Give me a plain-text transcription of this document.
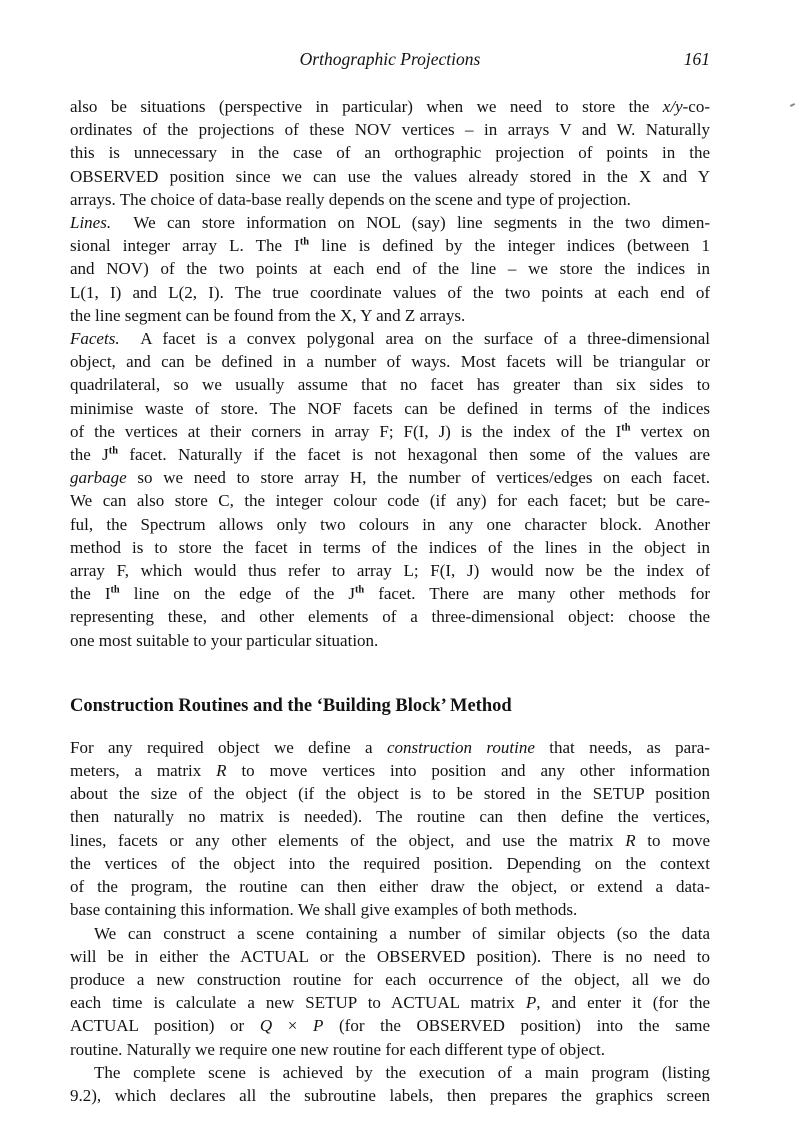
Orthographic Projections	161

also be situations (perspective in particular) when we need to store the x/y-co-
ordinates of the projections of these NOV vertices – in arrays V and W. Naturally
this is unnecessary in the case of an orthographic projection of points in the
OBSERVED position since we can use the values already stored in the X and Y
arrays. The choice of data-base really depends on the scene and type of projection.

Lines.  We can store information on NOL (say) line segments in the two dimen-
sional integer array L. The Ith line is defined by the integer indices (between 1
and NOV) of the two points at each end of the line – we store the indices in
L(1, I) and L(2, I). The true coordinate values of the two points at each end of
the line segment can be found from the X, Y and Z arrays.

Facets.  A facet is a convex polygonal area on the surface of a three-dimensional
object, and can be defined in a number of ways. Most facets will be triangular or
quadrilateral, so we usually assume that no facet has greater than six sides to
minimise waste of store. The NOF facets can be defined in terms of the indices
of the vertices at their corners in array F; F(I, J) is the index of the Ith vertex on
the $J^{th}$ facet. Naturally if the facet is not hexagonal then some of the values are
garbage so we need to store array H, the number of vertices/edges on each facet.
We can also store C, the integer colour code (if any) for each facet; but be care-
ful, the Spectrum allows only two colours in any one character block. Another
method is to store the facet in terms of the indices of the lines in the object in
array F, which would thus refer to array L; F(I, J) would now be the index of
the Ith line on the edge of the $J^{th}$ facet. There are many other methods for
representing these, and other elements of a three-dimensional object: choose the
one most suitable to your particular situation.

Construction Routines and the ‘Building Block’ Method

For any required object we define a construction routine that needs, as para-
meters, a matrix R to move vertices into position and any other information
about the size of the object (if the object is to be stored in the SETUP position
then naturally no matrix is needed). The routine can then define the vertices,
lines, facets or any other elements of the object, and use the matrix R to move
the vertices of the object into the required position. Depending on the context
of the program, the routine can then either draw the object, or extend a data-
base containing this information. We shall give examples of both methods.

We can construct a scene containing a number of similar objects (so the data
will be in either the ACTUAL or the OBSERVED position). There is no need to
produce a new construction routine for each occurrence of the object, all we do
each time is calculate a new SETUP to ACTUAL matrix P, and enter it (for the
ACTUAL position) or Q × P (for the OBSERVED position) into the same
routine. Naturally we require one new routine for each different type of object.

The complete scene is achieved by the execution of a main program (listing
9.2), which declares all the subroutine labels, then prepares the graphics screen
